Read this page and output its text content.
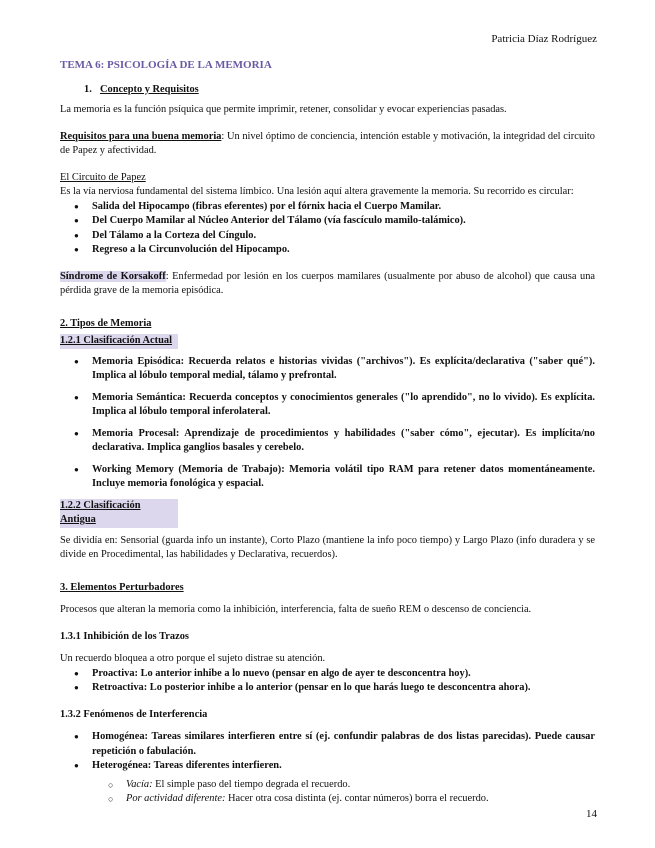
Patricia Díaz Rodríguez
TEMA 6: PSICOLOGÍA DE LA MEMORIA
1. Concepto y Requisitos

La memoria es la función psíquica que permite imprimir, retener, consolidar y evocar experiencias pasadas.

Requisitos para una buena memoria: Un nivel óptimo de conciencia, intención estable y motivación, la integridad del circuito de Papez y afectividad.

El Circuito de Papez

Es la vía nerviosa fundamental del sistema límbico. Una lesión aquí altera gravemente la memoria. Su recorrido es circular:

● Salida del Hipocampo (fibras eferentes) por el fórnix hacia el Cuerpo Mamilar.
● Del Cuerpo Mamilar al Núcleo Anterior del Tálamo (vía fascículo mamilo-talámico).
● Del Tálamo a la Corteza del Cíngulo.
● Regreso a la Circunvolución del Hipocampo.

Síndrome de Korsakoff: Enfermedad por lesión en los cuerpos mamilares (usualmente por abuso de alcohol) que causa una pérdida grave de la memoria episódica.

2. Tipos de Memoria

1.2.1 Clasificación Actual
● Memoria Episódica: Recuerda relatos e historias vividas ("archivos"). Es explícita/declarativa ("saber qué"). Implica al lóbulo temporal medial, tálamo y prefrontal.
● Memoria Semántica: Recuerda conceptos y conocimientos generales ("lo aprendido", no lo vivido). Es explícita. Implica al lóbulo temporal inferolateral.
● Memoria Procesal: Aprendizaje de procedimientos y habilidades ("saber cómo", ejecutar). Es implícita/no declarativa. Implica ganglios basales y cerebelo.
● Working Memory (Memoria de Trabajo): Memoria volátil tipo RAM para retener datos momentáneamente. Incluye memoria fonológica y espacial.
1.2.2 Clasificación Antigua

Se dividía en: Sensorial (guarda info un instante), Corto Plazo (mantiene la info poco tiempo) y Largo Plazo (info duradera y se divide en Procedimental, las habilidades y Declarativa, recuerdos).

3. Elementos Perturbadores

Procesos que alteran la memoria como la inhibición, interferencia, falta de sueño REM o descenso de conciencia.

1.3.1 Inhibición de los Trazos

Un recuerdo bloquea a otro porque el sujeto distrae su atención.

● Proactiva: Lo anterior inhibe a lo nuevo (pensar en algo de ayer te desconcentra hoy).
● Retroactiva: Lo posterior inhibe a lo anterior (pensar en lo que harás luego te desconcentra ahora).

1.3.2 Fenómenos de Interferencia

● Homogénea: Tareas similares interfieren entre sí (ej. confundir palabras de dos listas parecidas). Puede causar repetición o fabulación.
● Heterogénea: Tareas diferentes interfieren.
○ Vacía: El simple paso del tiempo degrada el recuerdo.
○ Por actividad diferente: Hacer otra cosa distinta (ej. contar números) borra el recuerdo.
14
